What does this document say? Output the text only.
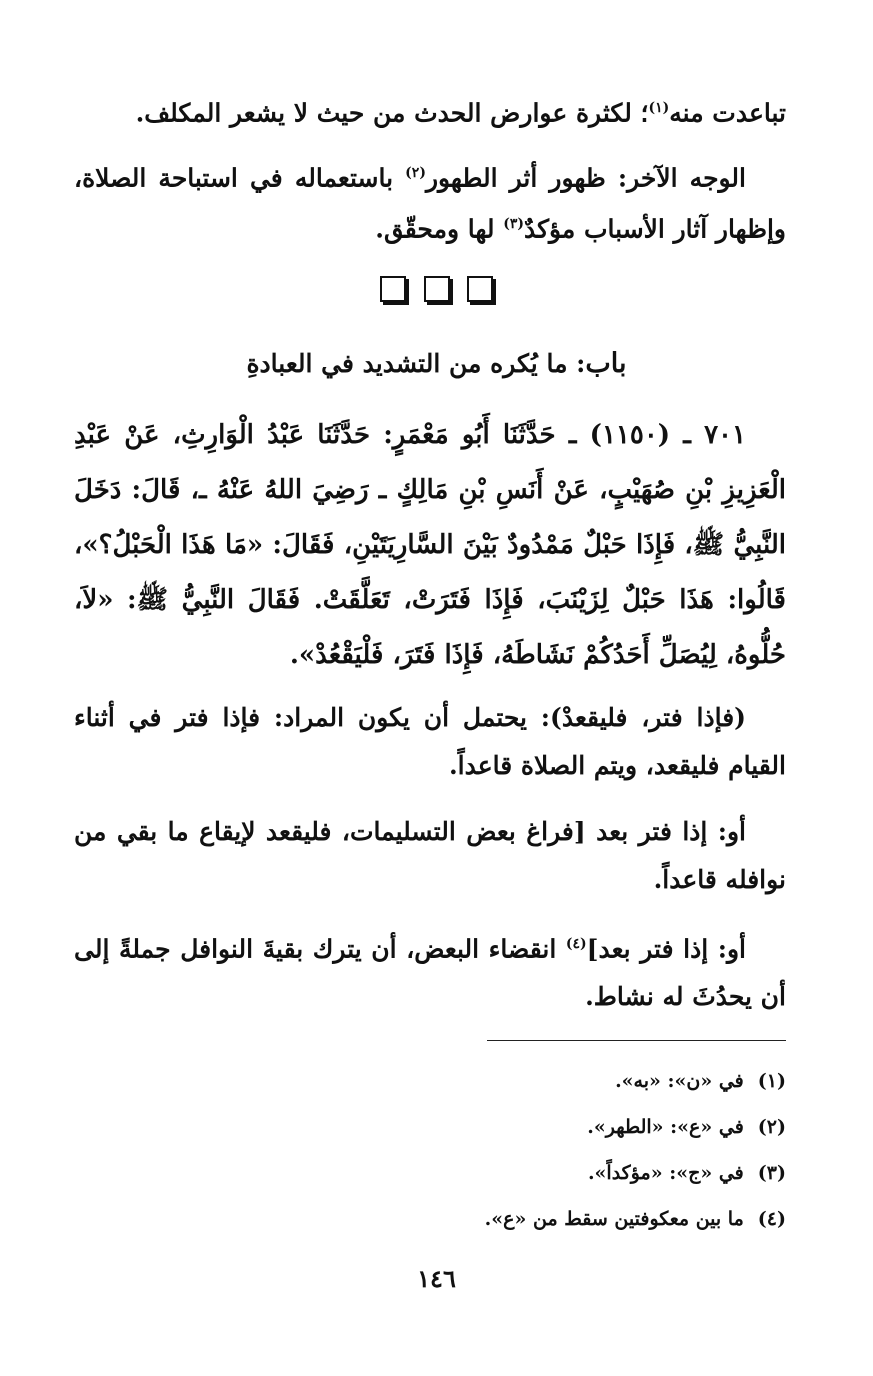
تباعدت منه$^{(١)}$؛ لكثرة عوارض الحدث من حيث لا يشعر المكلف.

الوجه الآخر: ظهور أثر الطهور$^{(٢)}$ باستعماله في استباحة الصلاة، وإظهار آثار الأسباب مؤكدٌ$^{(٣)}$ لها ومحقّق.

باب: ما يُكره من التشديد في العبادةِ

٧٠١ ـ (١١٥٠) ـ حَدَّثَنَا أَبُو مَعْمَرٍ: حَدَّثَنَا عَبْدُ الْوَارِثِ، عَنْ عَبْدِ الْعَزِيزِ بْنِ صُهَيْبٍ، عَنْ أَنَسِ بْنِ مَالِكٍ ـ رَضِيَ اللهُ عَنْهُ ـ، قَالَ: دَخَلَ النَّبِيُّ ﷺ، فَإِذَا حَبْلٌ مَمْدُودٌ بَيْنَ السَّارِيَتَيْنِ، فَقَالَ: «مَا هَذَا الْحَبْلُ؟»، قَالُوا: هَذَا حَبْلٌ لِزَيْنَبَ، فَإِذَا فَتَرَتْ، تَعَلَّقَتْ. فَقَالَ النَّبِيُّ ﷺ: «لاَ، حُلُّوهُ، لِيُصَلِّ أَحَدُكُمْ نَشَاطَهُ، فَإِذَا فَتَرَ، فَلْيَقْعُدْ».

(فإذا فتر، فليقعدْ): يحتمل أن يكون المراد: فإذا فتر في أثناء القيام فليقعد، ويتم الصلاة قاعداً.

أو: إذا فتر بعد [فراغ بعض التسليمات، فليقعد لإيقاع ما بقي من نوافله قاعداً.

أو: إذا فتر بعد]$^{(٤)}$ انقضاء البعض، أن يترك بقيةَ النوافل جملةً إلى أن يحدُثَ له نشاط.

(١)في «ن»: «به».
(٢)في «ع»: «الطهر».
(٣)في «ج»: «مؤكداً».
(٤)ما بين معكوفتين سقط من «ع».
١٤٦
